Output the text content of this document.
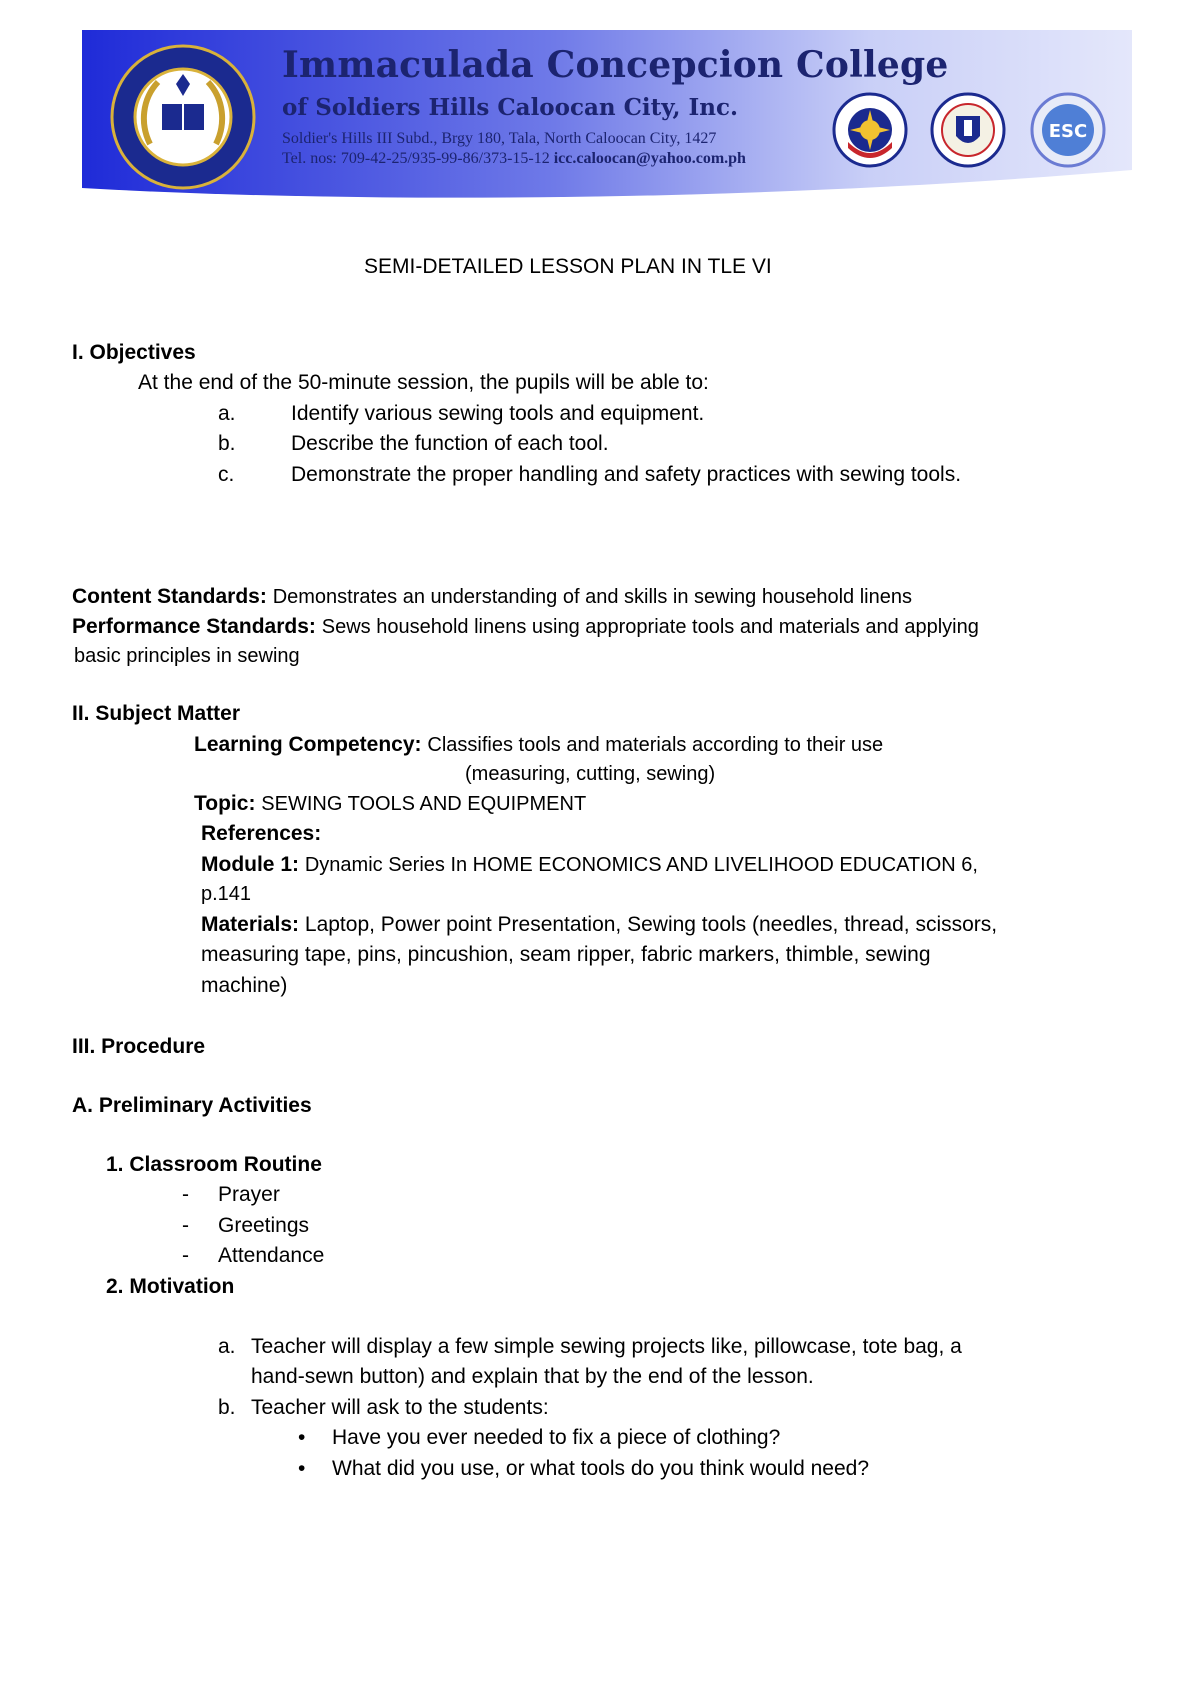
Immaculada Concepcion College
of Soldiers Hills Caloocan City, Inc.
Soldier's Hills III Subd., Brgy 180, Tala, North Caloocan City, 1427
Tel. nos: 709-42-25/935-99-86/373-15-12 icc.caloocan@yahoo.com.ph
ESC
SEMI-DETAILED LESSON PLAN IN TLE VI
I. Objectives
At the end of the 50-minute session, the pupils will be able to:
a.	Identify various sewing tools and equipment.
b.	Describe the function of each tool.
c.	Demonstrate the proper handling and safety practices with sewing tools.
Content Standards: Demonstrates an understanding of and skills in sewing household linens
Performance Standards: Sews household linens using appropriate tools and materials and applying
basic principles in sewing
II. Subject Matter
Learning Competency: Classifies tools and materials according to their use
(measuring, cutting, sewing)
Topic: SEWING TOOLS AND EQUIPMENT
References:
Module 1: Dynamic Series In HOME ECONOMICS AND LIVELIHOOD EDUCATION 6,
p.141
Materials: Laptop, Power point Presentation, Sewing tools (needles, thread, scissors,
measuring tape, pins, pincushion, seam ripper, fabric markers, thimble, sewing
machine)
III. Procedure
A. Preliminary Activities
1. Classroom Routine
- Prayer
- Greetings
- Attendance
2. Motivation
a. Teacher will display a few simple sewing projects like, pillowcase, tote bag, a
hand-sewn button) and explain that by the end of the lesson.
b. Teacher will ask to the students:
• Have you ever needed to fix a piece of clothing?
• What did you use, or what tools do you think would need?
